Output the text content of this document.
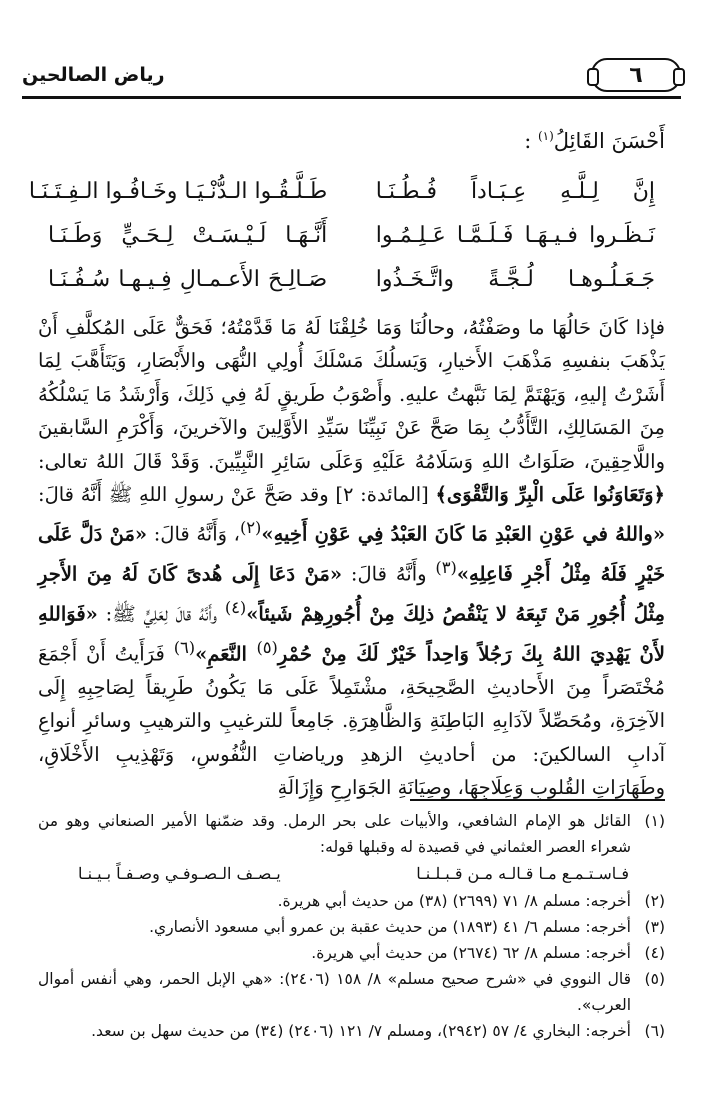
٦
رياض الصالحين
أَحْسَنَ القَائِلُ$^{(١)}$ :
إِنَّ لِـلَّـهِ عِـبَـاداً فُـطُـنَـا
طَـلَّـقُـوا الـدُّنْـيَـا وخَـافُـوا الـفِـتَـنَـا
نَـظَـروا فـيـهَـا فَـلَـمَّـا عَـلِـمُـوا
أَنَّـهَـا لَـيْـسَـتْ لِـحَـيٍّ وَطَـنَـا
جَـعَـلُـوهـا لُـجَّـةً واتَّـخَـذُوا
صَـالِـحَ الأَعـمـالِ فِـيـهـا سُـفُـنَـا

فإذا كَانَ حَالُهَا ما وصَفْتُهُ، وحالُنَا وَمَا خُلِقْنَا لَهُ مَا قَدَّمْتُهُ؛ فَحَقٌّ عَلَى المُكلَّفِ أَنْ يَذْهَبَ بنفسِهِ مَذْهَبَ الأَخيارِ، وَيَسلُكَ مَسْلَكَ أُولِي النُّهَى والأَبْصَارِ، وَيَتَأَهَّبَ لِمَا أَشَرْتُ إليهِ، وَيَهْتَمَّ لِمَا نَبَّهتُ عليهِ. وأَصْوَبُ طَريقٍ لَهُ فِي ذَلِكَ، وَأَرْشَدُ مَا يَسْلُكُهُ مِنَ المَسَالِكِ، التَّأَدُّبُ بِمَا صَحَّ عَنْ نَبِيِّنَا سَيِّدِ الأَوَّلِينَ والآخرينَ، وَأَكْرَمِ السَّابقينَ واللَّاحِقِينَ، صَلَوَاتُ اللهِ وَسَلَامُهُ عَلَيْهِ وَعَلَى سَائِرِ النَّبِيِّينَ. وَقَدْ قَالَ اللهُ تعالى: ﴿وَتَعَاوَنُوا عَلَى الْبِرِّ وَالتَّقْوَى﴾ [المائدة: ٢] وقد صَحَّ عَنْ رسولِ اللهِ ﷺ أَنَّهُ قالَ: «واللهُ في عَوْنِ العَبْدِ مَا كَانَ العَبْدُ فِي عَوْنِ أَخِيهِ»$^{(٢)}$، وَأَنَّهُ قالَ: «مَنْ دَلَّ عَلَى خَيْرٍ فَلَهُ مِثْلُ أَجْرِ فَاعِلِهِ»$^{(٣)}$ وأَنَّهُ قالَ: «مَنْ دَعَا إِلَى هُدىً كَانَ لَهُ مِنَ الأَجرِ مِثْلُ أُجُورِ مَنْ تَبِعَهُ لا يَنْقُصُ ذلِكَ مِنْ أُجُورِهِمْ شَيئاً»$^{(٤)}$ وأَنَّهُ قالَ لِعَلِيٍّ ﷺ: «فَوَاللهِ لأَنْ يَهْدِيَ اللهُ بِكَ رَجُلاً وَاحِداً خَيْرٌ لَكَ مِنْ حُمْرِ$^{(٥)}$ النَّعَمِ»$^{(٦)}$ فَرَأَيتُ أَنْ أَجْمَعَ مُخْتَصَراً مِنَ الأَحاديثِ الصَّحِيحَةِ، مشْتَمِلاً عَلَى مَا يَكُونُ طَرِيقاً لِصَاحِبِهِ إِلَى الآخِرَةِ، ومُحَصِّلاً لآدَابِهِ البَاطِنَةِ وَالظَّاهِرَةِ. جَامِعاً للترغيبِ والترهيبِ وسائرِ أنواعِ آدابِ السالكينَ: من أحاديثِ الزهدِ ورياضاتِ النُّفُوسِ، وَتَهْذِيبِ الأَخْلَاقِ، وطَهَارَاتِ القُلوبِ وَعِلَاجِهَا، وصِيَانَةِ الجَوَارِحِ وَإِزَالَةِ

(١)
القائل هو الإمام الشافعي، والأبيات على بحر الرمل. وقد ضمّنها الأمير الصنعاني وهو من شعراء العصر العثماني في قصيدة له وقبلها قوله:
فـاسـتـمـع مـا قـالـه مـن قـبـلـنـا
يـصـف الـصـوفـي وصـفـاً بـيـنـا
(٢)
أخرجه: مسلم ٨/ ٧١ (٢٦٩٩) (٣٨) من حديث أبي هريرة.
(٣)
أخرجه: مسلم ٦/ ٤١ (١٨٩٣) من حديث عقبة بن عمرو أبي مسعود الأنصاري.
(٤)
أخرجه: مسلم ٨/ ٦٢ (٢٦٧٤) من حديث أبي هريرة.
(٥)
قال النووي في «شرح صحيح مسلم» ٨/ ١٥٨ (٢٤٠٦): «هي الإبل الحمر، وهي أنفس أموال العرب».
(٦)
أخرجه: البخاري ٤/ ٥٧ (٢٩٤٢)، ومسلم ٧/ ١٢١ (٢٤٠٦) (٣٤) من حديث سهل بن سعد.
